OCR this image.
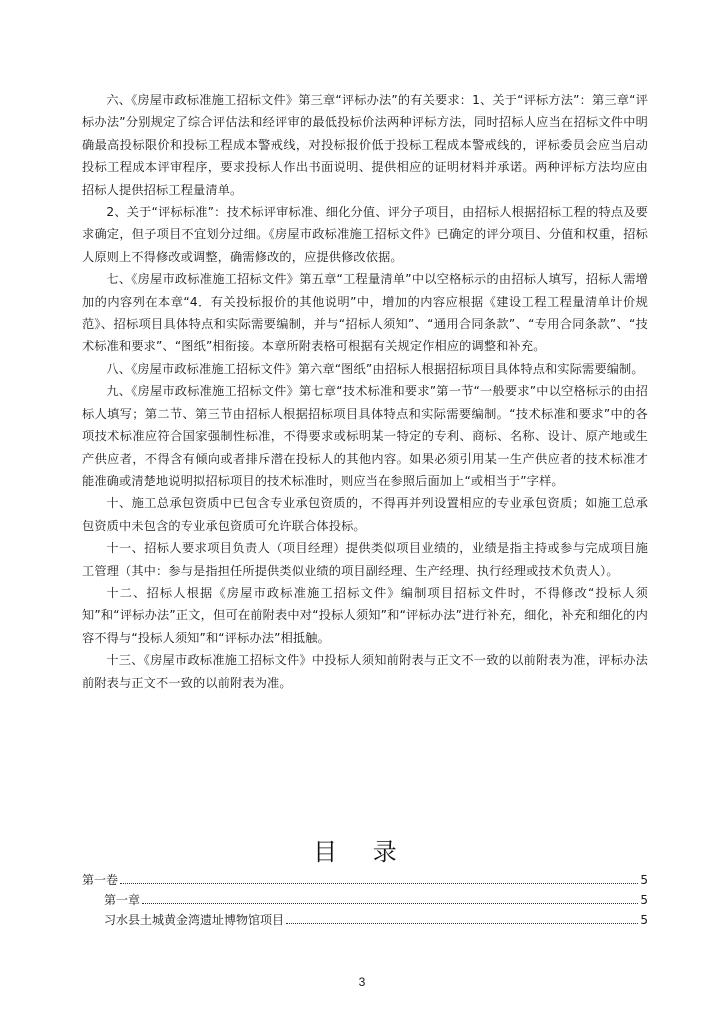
六、《房屋市政标准施工招标文件》第三章“评标办法”的有关要求：1、关于“评标方法”：第三章“评标办法”分别规定了综合评估法和经评审的最低投标价法两种评标方法，同时招标人应当在招标文件中明确最高投标限价和投标工程成本警戒线，对投标报价低于投标工程成本警戒线的，评标委员会应当启动投标工程成本评审程序，要求投标人作出书面说明、提供相应的证明材料并承诺。两种评标方法均应由招标人提供招标工程量清单。

2、关于“评标标准”：技术标评审标准、细化分值、评分子项目，由招标人根据招标工程的特点及要求确定，但子项目不宜划分过细。《房屋市政标准施工招标文件》已确定的评分项目、分值和权重，招标人原则上不得修改或调整，确需修改的，应提供修改依据。

七、《房屋市政标准施工招标文件》第五章“工程量清单”中以空格标示的由招标人填写，招标人需增加的内容列在本章“4．有关投标报价的其他说明”中，增加的内容应根据《建设工程工程量清单计价规范》、招标项目具体特点和实际需要编制，并与“招标人须知”、“通用合同条款”、“专用合同条款”、“技术标准和要求”、“图纸”相衔接。本章所附表格可根据有关规定作相应的调整和补充。

八、《房屋市政标准施工招标文件》第六章“图纸”由招标人根据招标项目具体特点和实际需要编制。

九、《房屋市政标准施工招标文件》第七章“技术标准和要求”第一节“一般要求”中以空格标示的由招标人填写；第二节、第三节由招标人根据招标项目具体特点和实际需要编制。“技术标准和要求”中的各项技术标准应符合国家强制性标准，不得要求或标明某一特定的专利、商标、名称、设计、原产地或生产供应者，不得含有倾向或者排斥潜在投标人的其他内容。如果必须引用某一生产供应者的技术标准才能准确或清楚地说明拟招标项目的技术标准时，则应当在参照后面加上“或相当于”字样。

十、施工总承包资质中已包含专业承包资质的，不得再并列设置相应的专业承包资质；如施工总承包资质中未包含的专业承包资质可允许联合体投标。

十一、招标人要求项目负责人（项目经理）提供类似项目业绩的，业绩是指主持或参与完成项目施工管理（其中：参与是指担任所提供类似业绩的项目副经理、生产经理、执行经理或技术负责人）。

十二、招标人根据《房屋市政标准施工招标文件》编制项目招标文件时，不得修改“投标人须知”和“评标办法”正文，但可在前附表中对“投标人须知”和“评标办法”进行补充，细化，补充和细化的内容不得与“投标人须知”和“评标办法”相抵触。

十三、《房屋市政标准施工招标文件》中投标人须知前附表与正文不一致的以前附表为准，评标办法前附表与正文不一致的以前附表为准。

目 录
第一卷	5
第一章	5
习水县土城黄金湾遗址博物馆项目	5
3
